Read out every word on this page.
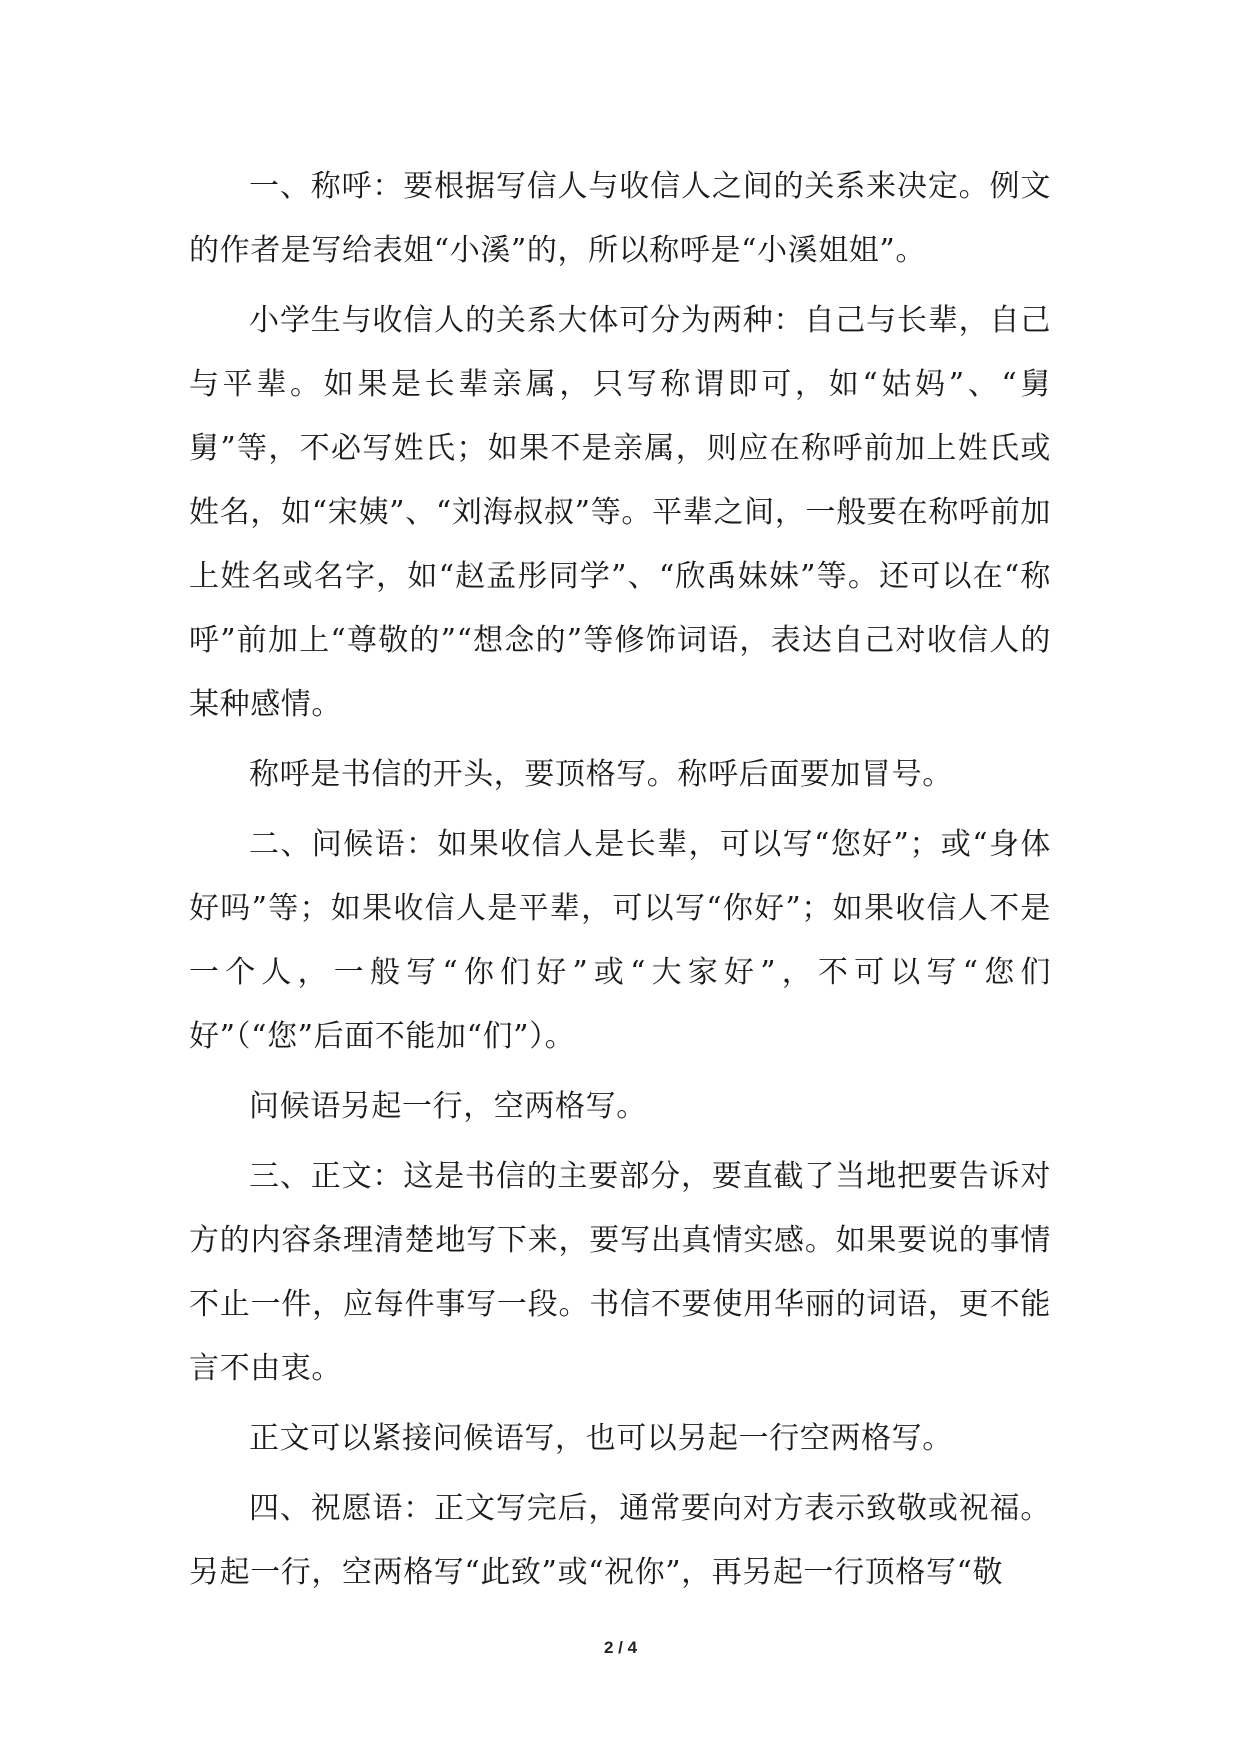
一、称呼：要根据写信人与收信人之间的关系来决定。例文的作者是写给表姐“小溪”的，所以称呼是“小溪姐姐”。

小学生与收信人的关系大体可分为两种：自己与长辈，自己与平辈。如果是长辈亲属，只写称谓即可，如“姑妈”、“舅舅”等，不必写姓氏；如果不是亲属，则应在称呼前加上姓氏或姓名，如“宋姨”、“刘海叔叔”等。平辈之间，一般要在称呼前加上姓名或名字，如“赵孟彤同学”、“欣禹妹妹”等。还可以在“称呼”前加上“尊敬的”“想念的”等修饰词语，表达自己对收信人的某种感情。

称呼是书信的开头，要顶格写。称呼后面要加冒号。

二、问候语：如果收信人是长辈，可以写“您好”；或“身体好吗”等；如果收信人是平辈，可以写“你好”；如果收信人不是一个人，一般写“你们好”或“大家好”，不可以写“您们好”（“您”后面不能加“们”）。

问候语另起一行，空两格写。

三、正文：这是书信的主要部分，要直截了当地把要告诉对方的内容条理清楚地写下来，要写出真情实感。如果要说的事情不止一件，应每件事写一段。书信不要使用华丽的词语，更不能言不由衷。

正文可以紧接问候语写，也可以另起一行空两格写。

四、祝愿语：正文写完后，通常要向对方表示致敬或祝福。另起一行，空两格写“此致”或“祝你”，再另起一行顶格写“敬

2 / 4
